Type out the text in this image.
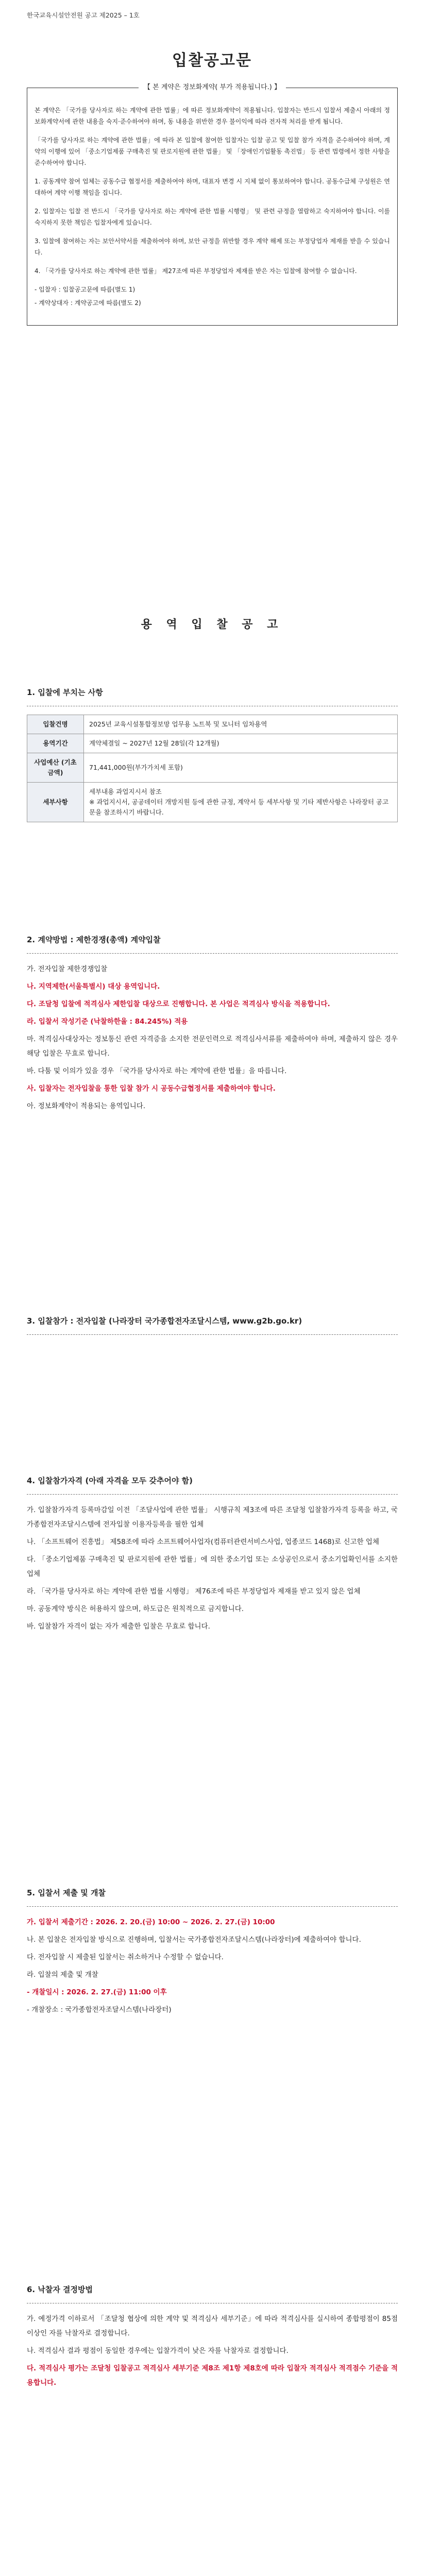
한국교육시설안전원 공고 제2025 – 1호
입찰공고문
【 본 계약은 정보화계약( 부가 적용됩니다.) 】

본 계약은 「국가를 당사자로 하는 계약에 관한 법률」에 따른 정보화계약이 적용됩니다. 입찰자는 반드시 입찰서 제출시 아래의 정보화계약서에 관한 내용을 숙지·준수하여야 하며, 동 내용을 위반한 경우 불이익에 따라 전자적 처리를 받게 됩니다.

「국가를 당사자로 하는 계약에 관한 법률」에 따라 본 입찰에 참여한 입찰자는 입찰 공고 및 입찰 참가 자격을 준수하여야 하며, 계약의 이행에 있어 「중소기업제품 구매촉진 및 판로지원에 관한 법률」 및 「장애인기업활동 촉진법」 등 관련 법령에서 정한 사항을 준수하여야 합니다.

1. 공동계약 참여 업체는 공동수급 협정서를 제출하여야 하며, 대표자 변경 시 지체 없이 통보하여야 합니다. 공동수급체 구성원은 연대하여 계약 이행 책임을 집니다.

2. 입찰자는 입찰 전 반드시 「국가를 당사자로 하는 계약에 관한 법률 시행령」 및 관련 규정을 열람하고 숙지하여야 합니다. 이를 숙지하지 못한 책임은 입찰자에게 있습니다.

3. 입찰에 참여하는 자는 보안서약서를 제출하여야 하며, 보안 규정을 위반할 경우 계약 해제 또는 부정당업자 제재를 받을 수 있습니다.

4. 「국가를 당사자로 하는 계약에 관한 법률」 제27조에 따른 부정당업자 제재를 받은 자는 입찰에 참여할 수 없습니다.

- 입찰자 : 입찰공고문에 따름(별도 1)

- 계약상대자 : 계약공고에 따름(별도 2)

용 역 입 찰 공 고
1. 입찰에 부치는 사항
입찰건명	2025년 교육시설통합정보망 업무용 노트북 및 모니터 임차용역
용역기간	계약체결일 ~ 2027년 12월 28일(각 12개월)
사업예산 (기초금액)	71,441,000원(부가가치세 포함)
세부사항	세부내용 과업지시서 참조
※ 과업지시서, 공공데이터 개방지원 등에 관한 규정, 계약서 등 세부사항 및 기타 제반사항은 나라장터 공고문을 참조하시기 바랍니다.
2. 계약방법 : 제한경쟁(총액) 계약입찰
가. 전자입찰 제한경쟁입찰
나. 지역제한(서울특별시) 대상 용역입니다.
다. 조달청 입찰에 적격심사 제한입찰 대상으로 진행합니다. 본 사업은 적격심사 방식을 적용합니다.
라. 입찰서 작성기준 (낙찰하한율 : 84.245%) 적용
마. 적격심사대상자는 정보통신 관련 자격증을 소지한 전문인력으로 적격심사서류를 제출하여야 하며, 제출하지 않은 경우 해당 입찰은 무효로 합니다.
바. 다툼 및 이의가 있을 경우 「국가를 당사자로 하는 계약에 관한 법률」을 따릅니다.
사. 입찰자는 전자입찰을 통한 입찰 참가 시 공동수급협정서를 제출하여야 합니다.
아. 정보화계약이 적용되는 용역입니다.
3. 입찰참가 : 전자입찰 (나라장터 국가종합전자조달시스템, www.g2b.go.kr)
4. 입찰참가자격 (아래 자격을 모두 갖추어야 함)
가. 입찰참가자격 등록마감일 이전 「조달사업에 관한 법률」 시행규칙 제3조에 따른 조달청 입찰참가자격 등록을 하고, 국가종합전자조달시스템에 전자입찰 이용자등록을 필한 업체
나. 「소프트웨어 진흥법」 제58조에 따라 소프트웨어사업자(컴퓨터관련서비스사업, 업종코드 1468)로 신고한 업체
다. 「중소기업제품 구매촉진 및 판로지원에 관한 법률」에 의한 중소기업 또는 소상공인으로서 중소기업확인서를 소지한 업체
라. 「국가를 당사자로 하는 계약에 관한 법률 시행령」 제76조에 따른 부정당업자 제재를 받고 있지 않은 업체
마. 공동계약 방식은 허용하지 않으며, 하도급은 원칙적으로 금지합니다.
바. 입찰참가 자격이 없는 자가 제출한 입찰은 무효로 합니다.
5. 입찰서 제출 및 개찰
가. 입찰서 제출기간 : 2026. 2. 20.(금) 10:00 ~ 2026. 2. 27.(금) 10:00
나. 본 입찰은 전자입찰 방식으로 진행하며, 입찰서는 국가종합전자조달시스템(나라장터)에 제출하여야 합니다.
다. 전자입찰 시 제출된 입찰서는 취소하거나 수정할 수 없습니다.
라. 입찰의 제출 및 개찰
- 개찰일시 : 2026. 2. 27.(금) 11:00 이후
- 개찰장소 : 국가종합전자조달시스템(나라장터)
6. 낙찰자 결정방법
가. 예정가격 이하로서 「조달청 협상에 의한 계약 및 적격심사 세부기준」에 따라 적격심사를 실시하여 종합평점이 85점 이상인 자를 낙찰자로 결정합니다.
나. 적격심사 결과 평점이 동일한 경우에는 입찰가격이 낮은 자를 낙찰자로 결정합니다.
다. 적격심사 평가는 조달청 입찰공고 적격심사 세부기준 제8조 제1항 제8호에 따라 입찰자 적격심사 적격점수 기준을 적용합니다.
